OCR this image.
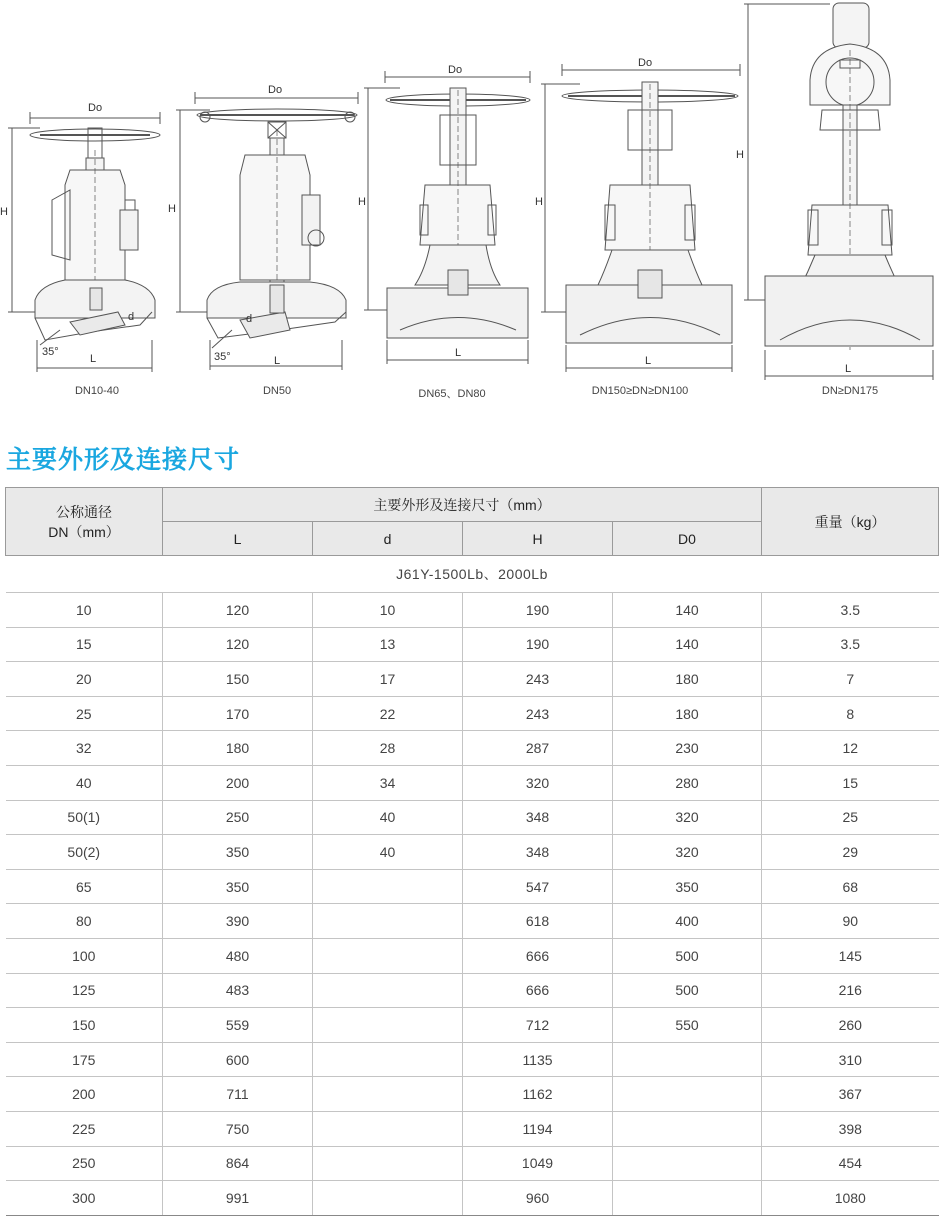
Do
H
L
d
35°
Do
H
L
d
35°
Do
H
L
Do
H
L
H
L
DN10-40	DN50	DN65、DN80	DN150≥DN≥DN100	DN≥DN175
主要外形及连接尺寸
公称通径
DN（mm）	主要外形及连接尺寸（mm）				重量（kg）
	L	d	H	D0	
J61Y-1500Lb、2000Lb					
10	120	10	190	140	3.5
15	120	13	190	140	3.5
20	150	17	243	180	7
25	170	22	243	180	8
32	180	28	287	230	12
40	200	34	320	280	15
50(1)	250	40	348	320	25
50(2)	350	40	348	320	29
65	350		547	350	68
80	390		618	400	90
100	480		666	500	145
125	483		666	500	216
150	559		712	550	260
175	600		1135		310
200	711		1162		367
225	750		1194		398
250	864		1049		454
300	991		960		1080
